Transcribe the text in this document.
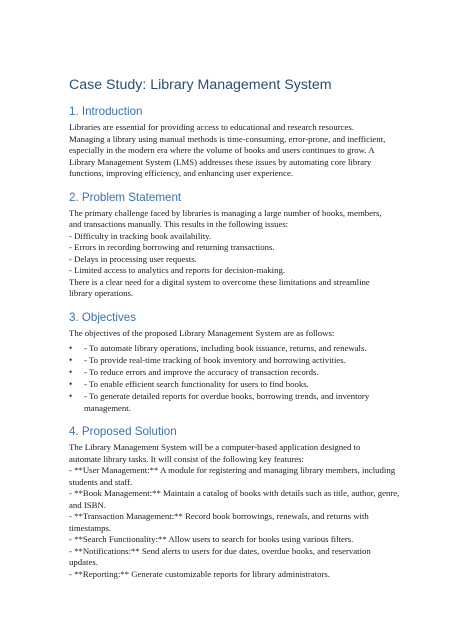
Case Study: Library Management System
1. Introduction
Libraries are essential for providing access to educational and research resources.
Managing a library using manual methods is time-consuming, error-prone, and inefficient,
especially in the modern era where the volume of books and users continues to grow. A
Library Management System (LMS) addresses these issues by automating core library
functions, improving efficiency, and enhancing user experience.
2. Problem Statement
The primary challenge faced by libraries is managing a large number of books, members,
and transactions manually. This results in the following issues:
- Difficulty in tracking book availability.
- Errors in recording borrowing and returning transactions.
- Delays in processing user requests.
- Limited access to analytics and reports for decision-making.
There is a clear need for a digital system to overcome these limitations and streamline
library operations.
3. Objectives
The objectives of the proposed Library Management System are as follows:
• - To automate library operations, including book issuance, returns, and renewals.
• - To provide real-time tracking of book inventory and borrowing activities.
• - To reduce errors and improve the accuracy of transaction records.
• - To enable efficient search functionality for users to find books.
• - To generate detailed reports for overdue books, borrowing trends, and inventory
management.
4. Proposed Solution
The Library Management System will be a computer-based application designed to
automate library tasks. It will consist of the following key features:
- **User Management:** A module for registering and managing library members, including
students and staff.
- **Book Management:** Maintain a catalog of books with details such as title, author, genre,
and ISBN.
- **Transaction Management:** Record book borrowings, renewals, and returns with
timestamps.
- **Search Functionality:** Allow users to search for books using various filters.
- **Notifications:** Send alerts to users for due dates, overdue books, and reservation
updates.
- **Reporting:** Generate customizable reports for library administrators.
